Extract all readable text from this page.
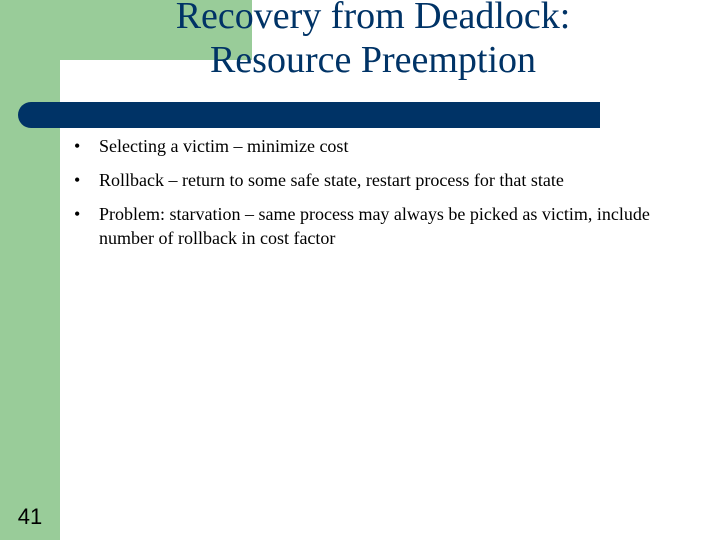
Recovery from Deadlock:
Resource Preemption
• Selecting a victim – minimize cost
• Rollback – return to some safe state, restart process for that state
• Problem: starvation – same process may always be picked as victim, include number of rollback in cost factor
41
